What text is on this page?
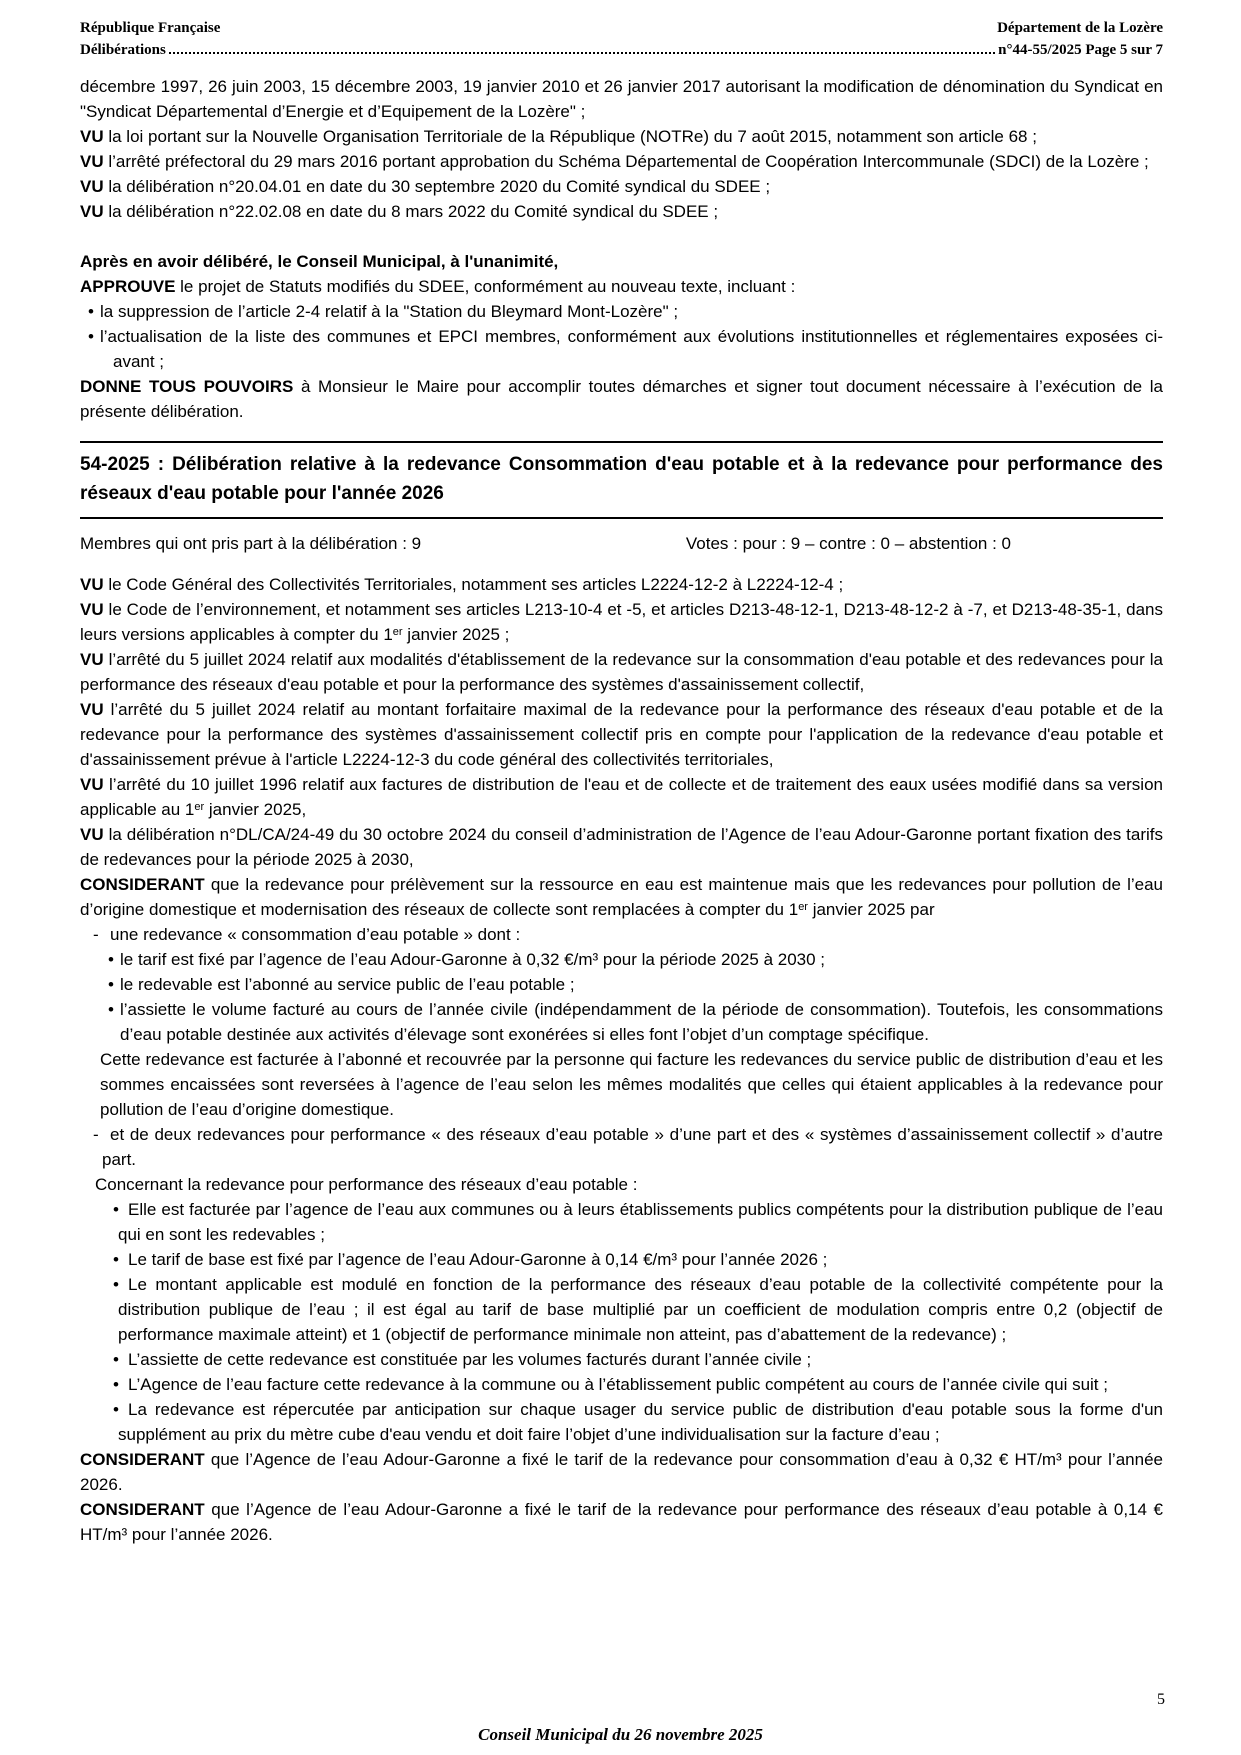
République Française	Département de la Lozère
Délibérations	n°44-55/2025 Page 5 sur 7

décembre 1997, 26 juin 2003, 15 décembre 2003, 19 janvier 2010 et 26 janvier 2017 autorisant la modification de dénomination du Syndicat en "Syndicat Départemental d’Energie et d’Equipement de la Lozère" ;

VU la loi portant sur la Nouvelle Organisation Territoriale de la République (NOTRe) du 7 août 2015, notamment son article 68 ;

VU l’arrêté préfectoral du 29 mars 2016 portant approbation du Schéma Départemental de Coopération Intercommunale (SDCI) de la Lozère ;

VU la délibération n°20.04.01 en date du 30 septembre 2020 du Comité syndical du SDEE ;

VU la délibération n°22.02.08 en date du 8 mars 2022 du Comité syndical du SDEE ;

Après en avoir délibéré, le Conseil Municipal, à l'unanimité,

APPROUVE le projet de Statuts modifiés du SDEE, conformément au nouveau texte, incluant :

• la suppression de l’article 2-4 relatif à la "Station du Bleymard Mont-Lozère" ;

• l’actualisation de la liste des communes et EPCI membres, conformément aux évolutions institutionnelles et réglementaires exposées ci-avant ;

DONNE TOUS POUVOIRS à Monsieur le Maire pour accomplir toutes démarches et signer tout document nécessaire à l’exécution de la présente délibération.

54-2025 : Délibération relative à la redevance Consommation d'eau potable et à la redevance pour performance des réseaux d'eau potable pour l'année 2026
Membres qui ont pris part à la délibération : 9	Votes : pour : 9 – contre : 0 – abstention : 0

VU le Code Général des Collectivités Territoriales, notamment ses articles L2224-12-2 à L2224-12-4 ;

VU le Code de l’environnement, et notamment ses articles L213-10-4 et -5, et articles D213-48-12-1, D213-48-12-2 à -7, et D213-48-35-1, dans leurs versions applicables à compter du 1er janvier 2025 ;

VU l’arrêté du 5 juillet 2024 relatif aux modalités d'établissement de la redevance sur la consommation d'eau potable et des redevances pour la performance des réseaux d'eau potable et pour la performance des systèmes d'assainissement collectif,

VU l’arrêté du 5 juillet 2024 relatif au montant forfaitaire maximal de la redevance pour la performance des réseaux d'eau potable et de la redevance pour la performance des systèmes d'assainissement collectif pris en compte pour l'application de la redevance d'eau potable et d'assainissement prévue à l'article L2224-12-3 du code général des collectivités territoriales,

VU l’arrêté du 10 juillet 1996 relatif aux factures de distribution de l'eau et de collecte et de traitement des eaux usées modifié dans sa version applicable au 1er janvier 2025,

VU la délibération n°DL/CA/24-49 du 30 octobre 2024 du conseil d’administration de l’Agence de l’eau Adour-Garonne portant fixation des tarifs de redevances pour la période 2025 à 2030,

CONSIDERANT que la redevance pour prélèvement sur la ressource en eau est maintenue mais que les redevances pour pollution de l’eau d’origine domestique et modernisation des réseaux de collecte sont remplacées à compter du 1er janvier 2025 par

- une redevance « consommation d’eau potable » dont :

• le tarif est fixé par l’agence de l’eau Adour-Garonne à 0,32 €/m³ pour la période 2025 à 2030 ;

• le redevable est l’abonné au service public de l’eau potable ;

• l’assiette le volume facturé au cours de l’année civile (indépendamment de la période de consommation). Toutefois, les consommations d’eau potable destinée aux activités d’élevage sont exonérées si elles font l’objet d’un comptage spécifique.

Cette redevance est facturée à l’abonné et recouvrée par la personne qui facture les redevances du service public de distribution d’eau et les sommes encaissées sont reversées à l’agence de l’eau selon les mêmes modalités que celles qui étaient applicables à la redevance pour pollution de l’eau d’origine domestique.

- et de deux redevances pour performance « des réseaux d’eau potable » d’une part et des « systèmes d’assainissement collectif » d’autre part.

Concernant la redevance pour performance des réseaux d’eau potable :

• Elle est facturée par l’agence de l’eau aux communes ou à leurs établissements publics compétents pour la distribution publique de l’eau qui en sont les redevables ;

• Le tarif de base est fixé par l’agence de l’eau Adour-Garonne à 0,14 €/m³ pour l’année 2026 ;

• Le montant applicable est modulé en fonction de la performance des réseaux d’eau potable de la collectivité compétente pour la distribution publique de l’eau ; il est égal au tarif de base multiplié par un coefficient de modulation compris entre 0,2 (objectif de performance maximale atteint) et 1 (objectif de performance minimale non atteint, pas d’abattement de la redevance) ;

• L’assiette de cette redevance est constituée par les volumes facturés durant l’année civile ;

• L’Agence de l’eau facture cette redevance à la commune ou à l’établissement public compétent au cours de l’année civile qui suit ;

• La redevance est répercutée par anticipation sur chaque usager du service public de distribution d'eau potable sous la forme d'un supplément au prix du mètre cube d'eau vendu et doit faire l’objet d’une individualisation sur la facture d’eau ;

CONSIDERANT que l’Agence de l’eau Adour-Garonne a fixé le tarif de la redevance pour consommation d’eau à 0,32 € HT/m³ pour l’année 2026.

CONSIDERANT que l’Agence de l’eau Adour-Garonne a fixé le tarif de la redevance pour performance des réseaux d’eau potable à 0,14 € HT/m³ pour l’année 2026.

5
Conseil Municipal du 26 novembre 2025
